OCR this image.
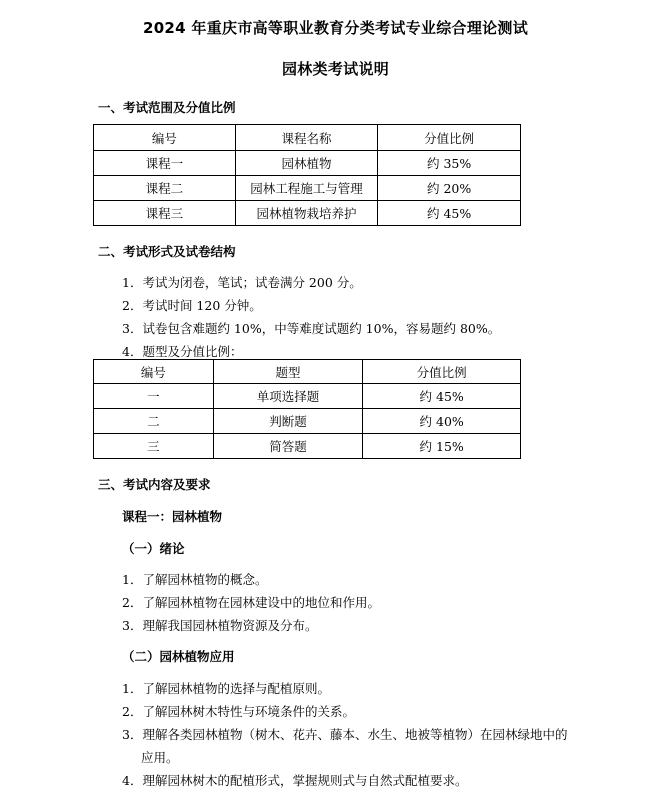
2024 年重庆市高等职业教育分类考试专业综合理论测试
园林类考试说明
一、考试范围及分值比例
编号	课程名称	分值比例
课程一	园林植物	约 35%
课程二	园林工程施工与管理	约 20%
课程三	园林植物栽培养护	约 45%
二、考试形式及试卷结构
1．考试为闭卷，笔试；试卷满分 200 分。
2．考试时间 120 分钟。
3．试卷包含难题约 10%，中等难度试题约 10%，容易题约 80%。
4．题型及分值比例：
编号	题型	分值比例
一	单项选择题	约 45%
二	判断题	约 40%
三	简答题	约 15%
三、考试内容及要求
课程一：园林植物
（一）绪论
1．了解园林植物的概念。
2．了解园林植物在园林建设中的地位和作用。
3．理解我国园林植物资源及分布。
（二）园林植物应用
1．了解园林植物的选择与配植原则。
2．了解园林树木特性与环境条件的关系。
3．理解各类园林植物（树木、花卉、藤本、水生、地被等植物）在园林绿地中的
应用。
4．理解园林树木的配植形式，掌握规则式与自然式配植要求。
